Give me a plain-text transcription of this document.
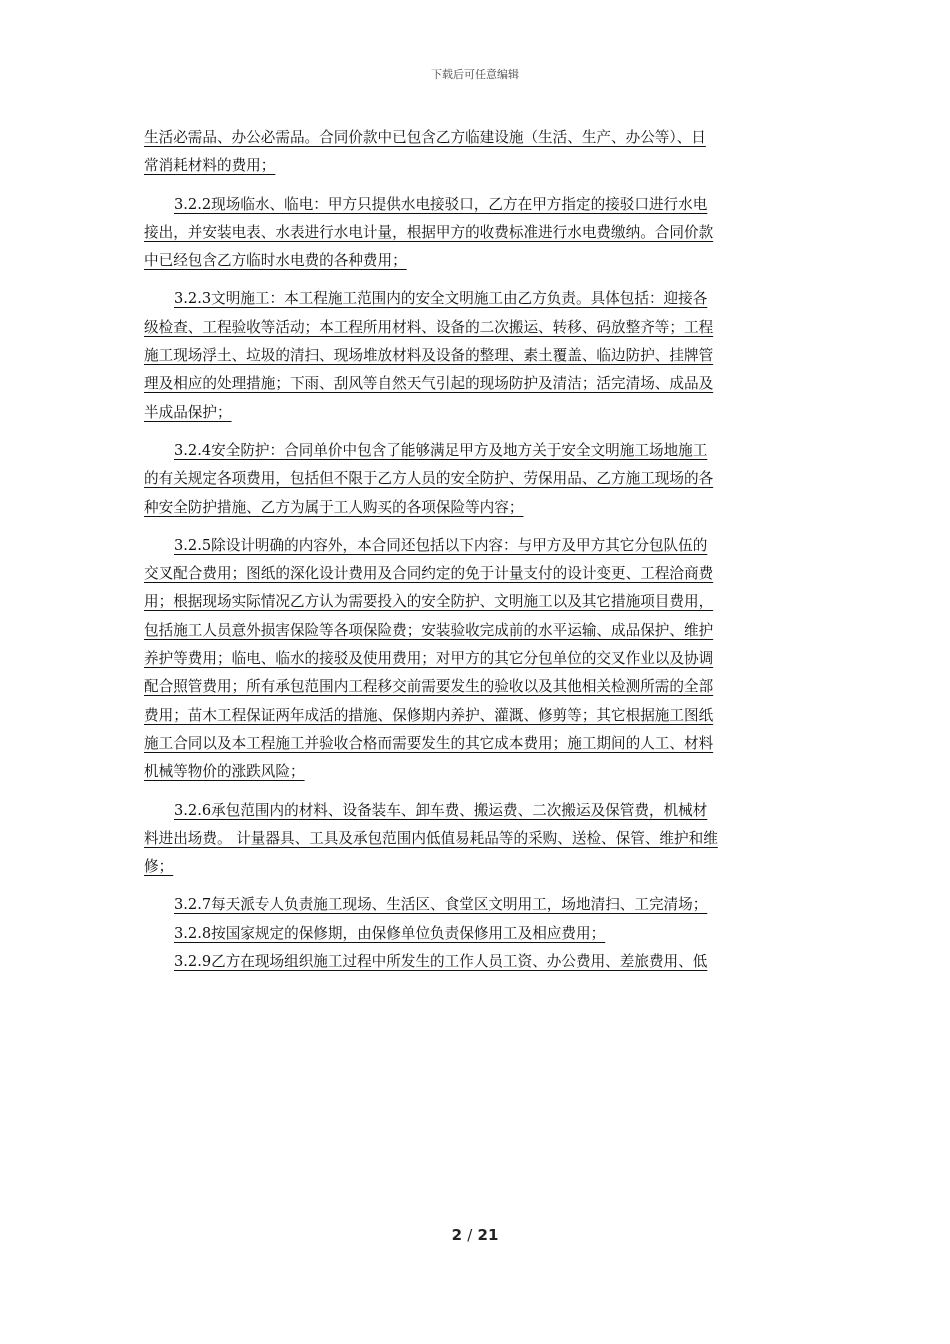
下载后可任意编辑
生活必需品、办公必需品。合同价款中已包含乙方临建设施（生活、生产、办公等）、日
常消耗材料的费用；
3.2.2现场临水、临电：甲方只提供水电接驳口，乙方在甲方指定的接驳口进行水电
接出，并安装电表、水表进行水电计量，根据甲方的收费标准进行水电费缴纳。合同价款
中已经包含乙方临时水电费的各种费用；
3.2.3文明施工：本工程施工范围内的安全文明施工由乙方负责。具体包括：迎接各
级检查、工程验收等活动；本工程所用材料、设备的二次搬运、转移、码放整齐等；工程
施工现场浮土、垃圾的清扫、现场堆放材料及设备的整理、素土覆盖、临边防护、挂牌管
理及相应的处理措施；下雨、刮风等自然天气引起的现场防护及清洁；活完清场、成品及
半成品保护；
3.2.4安全防护：合同单价中包含了能够满足甲方及地方关于安全文明施工场地施工
的有关规定各项费用，包括但不限于乙方人员的安全防护、劳保用品、乙方施工现场的各
种安全防护措施、乙方为属于工人购买的各项保险等内容；
3.2.5除设计明确的内容外，本合同还包括以下内容：与甲方及甲方其它分包队伍的
交叉配合费用；图纸的深化设计费用及合同约定的免于计量支付的设计变更、工程洽商费
用；根据现场实际情况乙方认为需要投入的安全防护、文明施工以及其它措施项目费用，
包括施工人员意外损害保险等各项保险费；安装验收完成前的水平运输、成品保护、维护
养护等费用；临电、临水的接驳及使用费用；对甲方的其它分包单位的交叉作业以及协调
配合照管费用；所有承包范围内工程移交前需要发生的验收以及其他相关检测所需的全部
费用；苗木工程保证两年成活的措施、保修期内养护、灌溉、修剪等；其它根据施工图纸
施工合同以及本工程施工并验收合格而需要发生的其它成本费用；施工期间的人工、材料
机械等物价的涨跌风险；
3.2.6承包范围内的材料、设备装车、卸车费、搬运费、二次搬运及保管费，机械材
料进出场费。 计量器具、工具及承包范围内低值易耗品等的采购、送检、保管、维护和维
修；
3.2.7每天派专人负责施工现场、生活区、食堂区文明用工，场地清扫、工完清场；
3.2.8按国家规定的保修期，由保修单位负责保修用工及相应费用；
3.2.9乙方在现场组织施工过程中所发生的工作人员工资、办公费用、差旅费用、低
2 / 21
